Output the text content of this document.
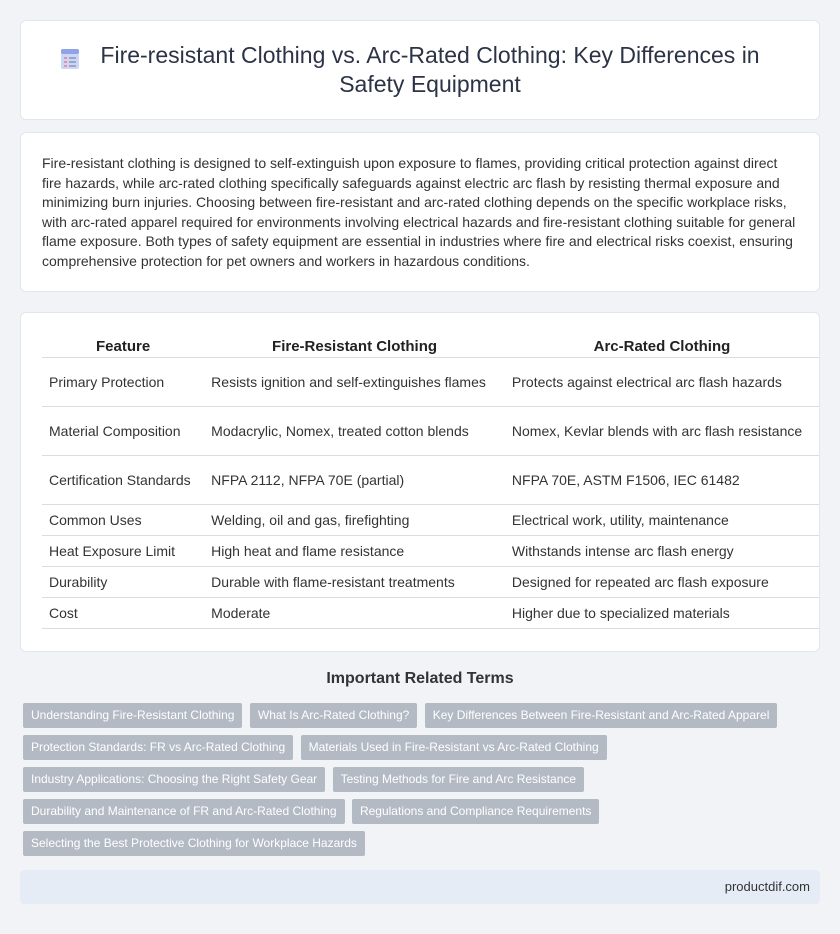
Fire-resistant Clothing vs. Arc-Rated Clothing: Key Differences in Safety Equipment

Fire-resistant clothing is designed to self-extinguish upon exposure to flames, providing critical protection against direct fire hazards, while arc-rated clothing specifically safeguards against electric arc flash by resisting thermal exposure and minimizing burn injuries. Choosing between fire-resistant and arc-rated clothing depends on the specific workplace risks, with arc-rated apparel required for environments involving electrical hazards and fire-resistant clothing suitable for general flame exposure. Both types of safety equipment are essential in industries where fire and electrical risks coexist, ensuring comprehensive protection for pet owners and workers in hazardous conditions.

Feature	Fire-Resistant Clothing	Arc-Rated Clothing
Primary Protection	Resists ignition and self-extinguishes flames	Protects against electrical arc flash hazards
Material Composition	Modacrylic, Nomex, treated cotton blends	Nomex, Kevlar blends with arc flash resistance
Certification Standards	NFPA 2112, NFPA 70E (partial)	NFPA 70E, ASTM F1506, IEC 61482
Common Uses	Welding, oil and gas, firefighting	Electrical work, utility, maintenance
Heat Exposure Limit	High heat and flame resistance	Withstands intense arc flash energy
Durability	Durable with flame-resistant treatments	Designed for repeated arc flash exposure
Cost	Moderate	Higher due to specialized materials
Important Related Terms
Understanding Fire-Resistant Clothing What Is Arc-Rated Clothing? Key Differences Between Fire-Resistant and Arc-Rated Apparel
Protection Standards: FR vs Arc-Rated Clothing Materials Used in Fire-Resistant vs Arc-Rated Clothing
Industry Applications: Choosing the Right Safety Gear Testing Methods for Fire and Arc Resistance
Durability and Maintenance of FR and Arc-Rated Clothing Regulations and Compliance Requirements
Selecting the Best Protective Clothing for Workplace Hazards
productdif.com
